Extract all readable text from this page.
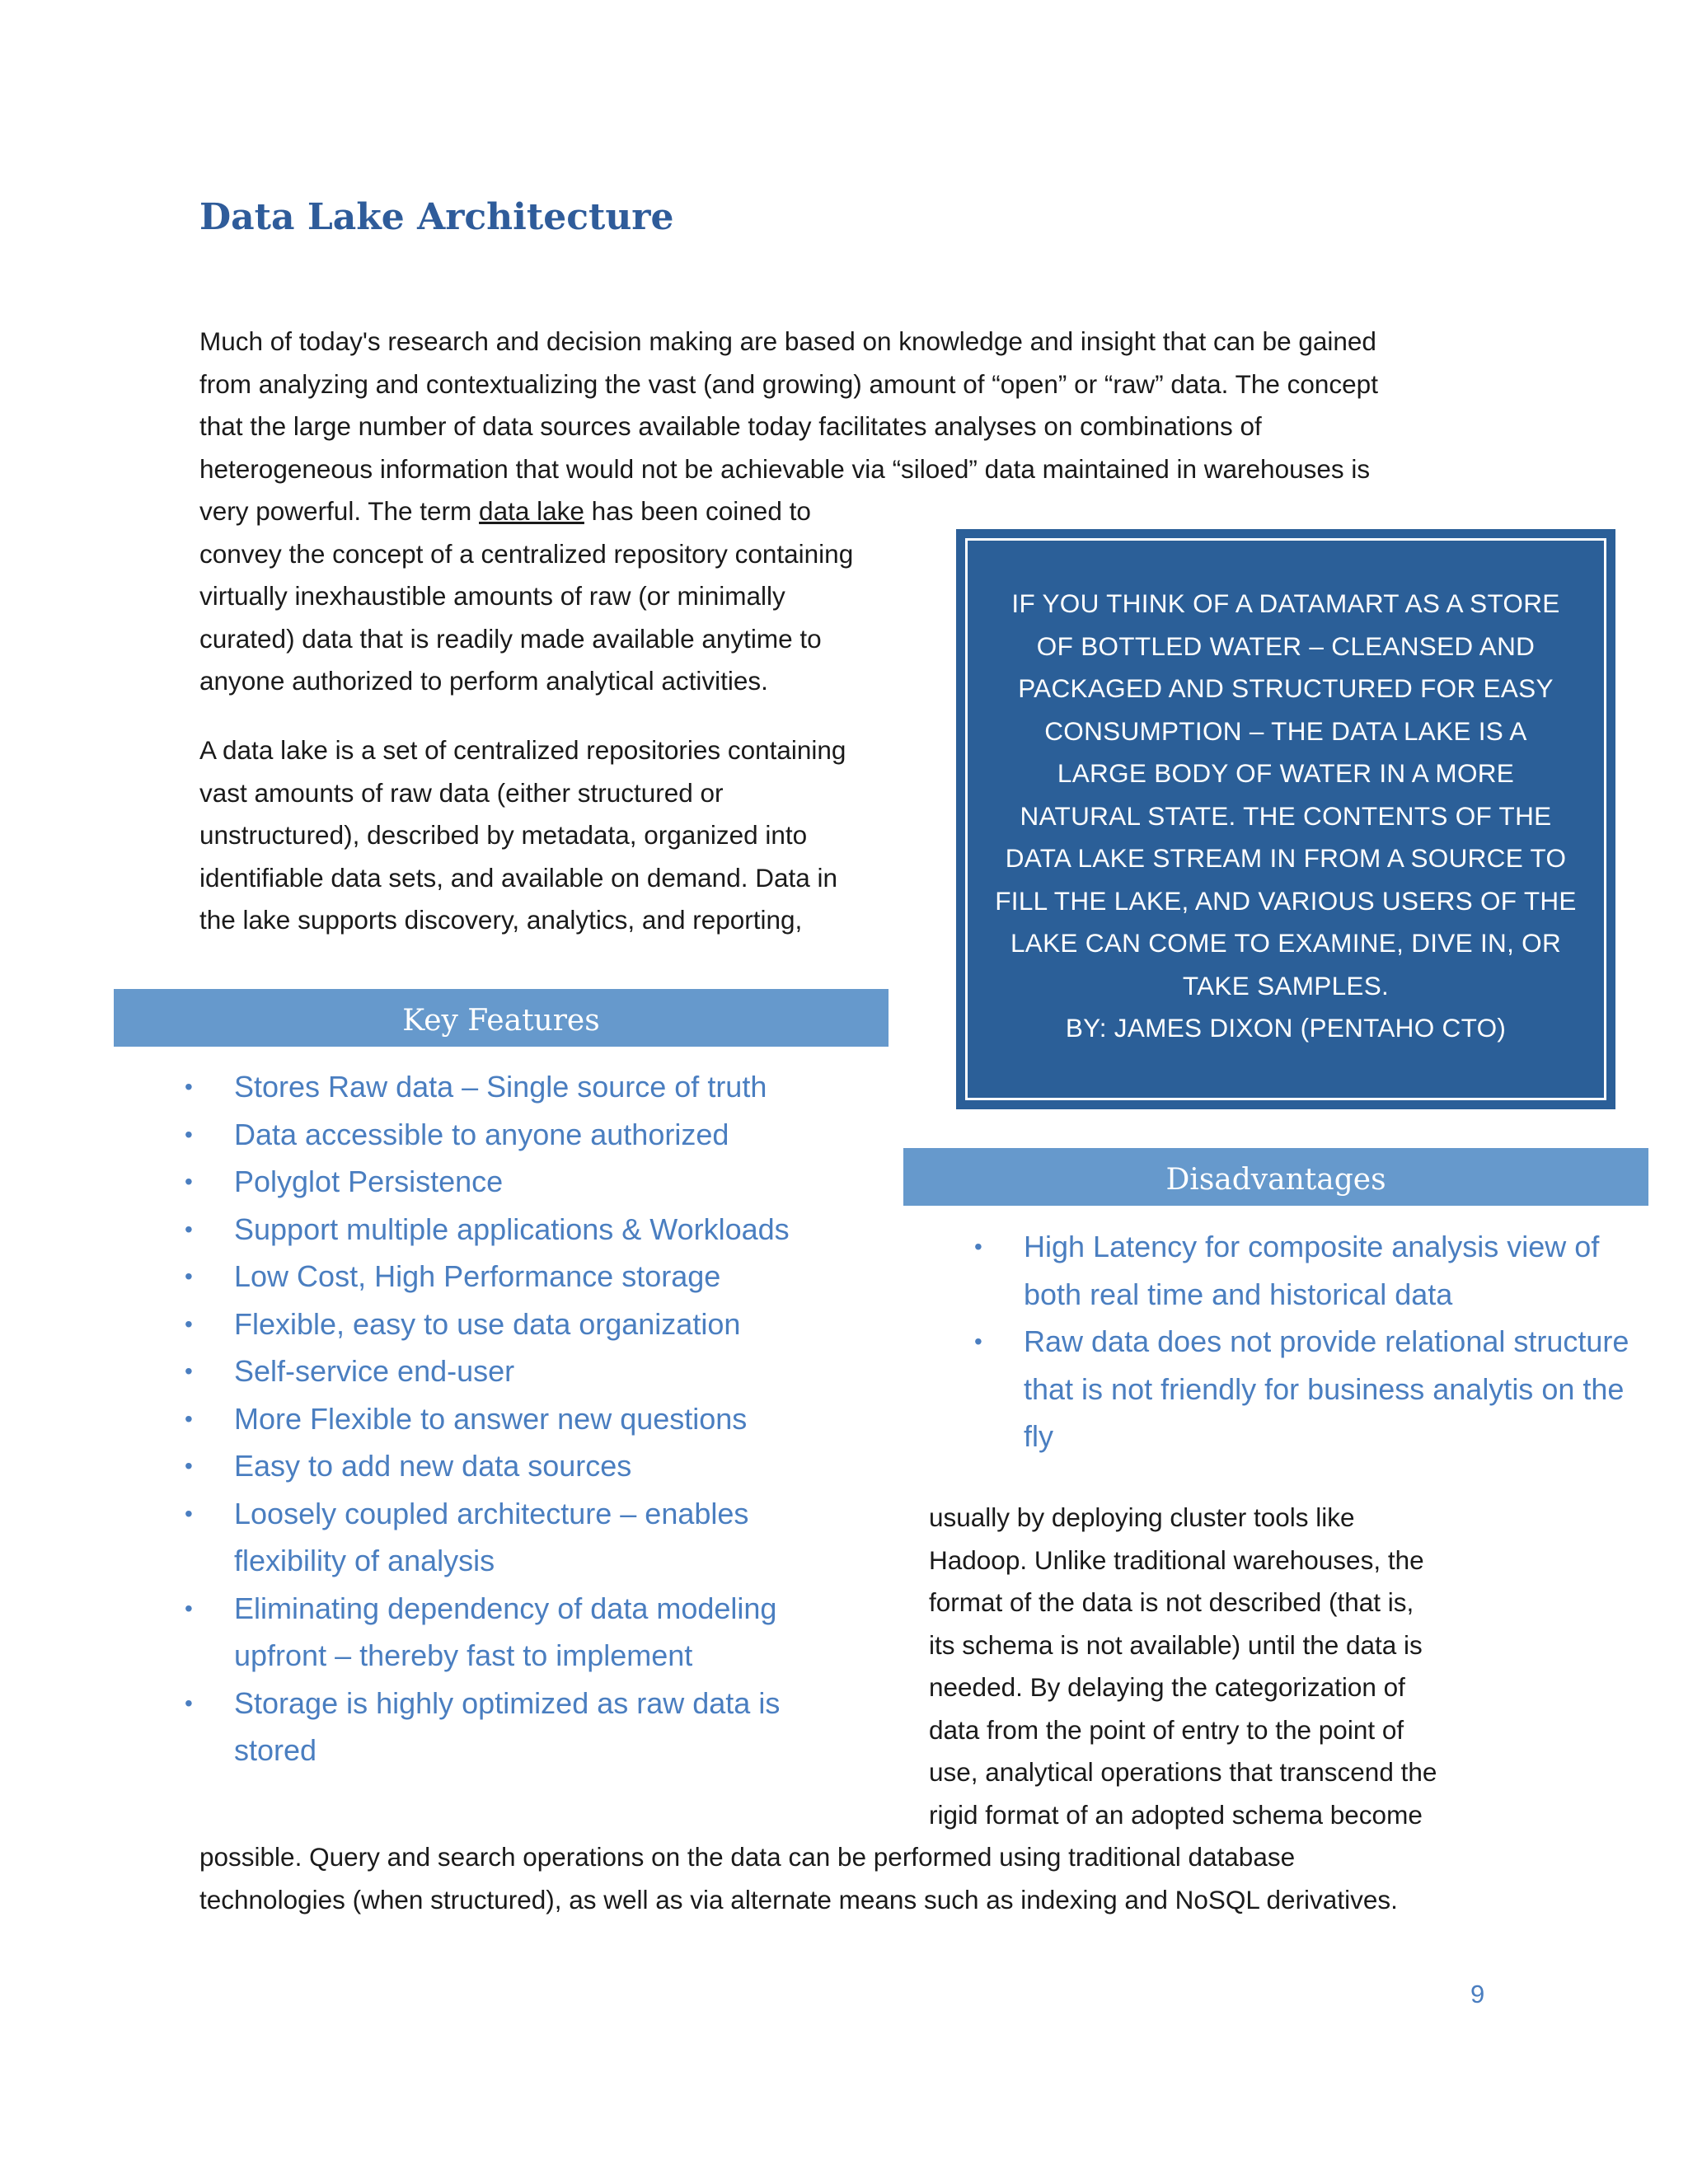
Data Lake Architecture
Much of today's research and decision making are based on knowledge and insight that can be gained
from analyzing and contextualizing the vast (and growing) amount of “open” or “raw” data. The concept
that the large number of data sources available today facilitates analyses on combinations of
heterogeneous information that would not be achievable via “siloed” data maintained in warehouses is
very powerful. The term data lake has been coined to
convey the concept of a centralized repository containing
virtually inexhaustible amounts of raw (or minimally
curated) data that is readily made available anytime to
anyone authorized to perform analytical activities.
A data lake is a set of centralized repositories containing
vast amounts of raw data (either structured or
unstructured), described by metadata, organized into
identifiable data sets, and available on demand. Data in
the lake supports discovery, analytics, and reporting,
IF YOU THINK OF A DATAMART AS A STORE
OF BOTTLED WATER – CLEANSED AND
PACKAGED AND STRUCTURED FOR EASY
CONSUMPTION – THE DATA LAKE IS A
LARGE BODY OF WATER IN A MORE
NATURAL STATE. THE CONTENTS OF THE
DATA LAKE STREAM IN FROM A SOURCE TO
FILL THE LAKE, AND VARIOUS USERS OF THE
LAKE CAN COME TO EXAMINE, DIVE IN, OR
TAKE SAMPLES.
BY: JAMES DIXON (PENTAHO CTO)
Key Features
• Stores Raw data – Single source of truth
• Data accessible to anyone authorized
• Polyglot Persistence
• Support multiple applications & Workloads
• Low Cost, High Performance storage
• Flexible, easy to use data organization
• Self-service end-user
• More Flexible to answer new questions
• Easy to add new data sources
• Loosely coupled architecture – enables
flexibility of analysis
• Eliminating dependency of data modeling
upfront – thereby fast to implement
• Storage is highly optimized as raw data is
stored
Disadvantages
• High Latency for composite analysis view of
both real time and historical data
• Raw data does not provide relational structure
that is not friendly for business analytis on the
fly
usually by deploying cluster tools like
Hadoop. Unlike traditional warehouses, the
format of the data is not described (that is,
its schema is not available) until the data is
needed. By delaying the categorization of
data from the point of entry to the point of
use, analytical operations that transcend the
rigid format of an adopted schema become
possible. Query and search operations on the data can be performed using traditional database
technologies (when structured), as well as via alternate means such as indexing and NoSQL derivatives.
9
